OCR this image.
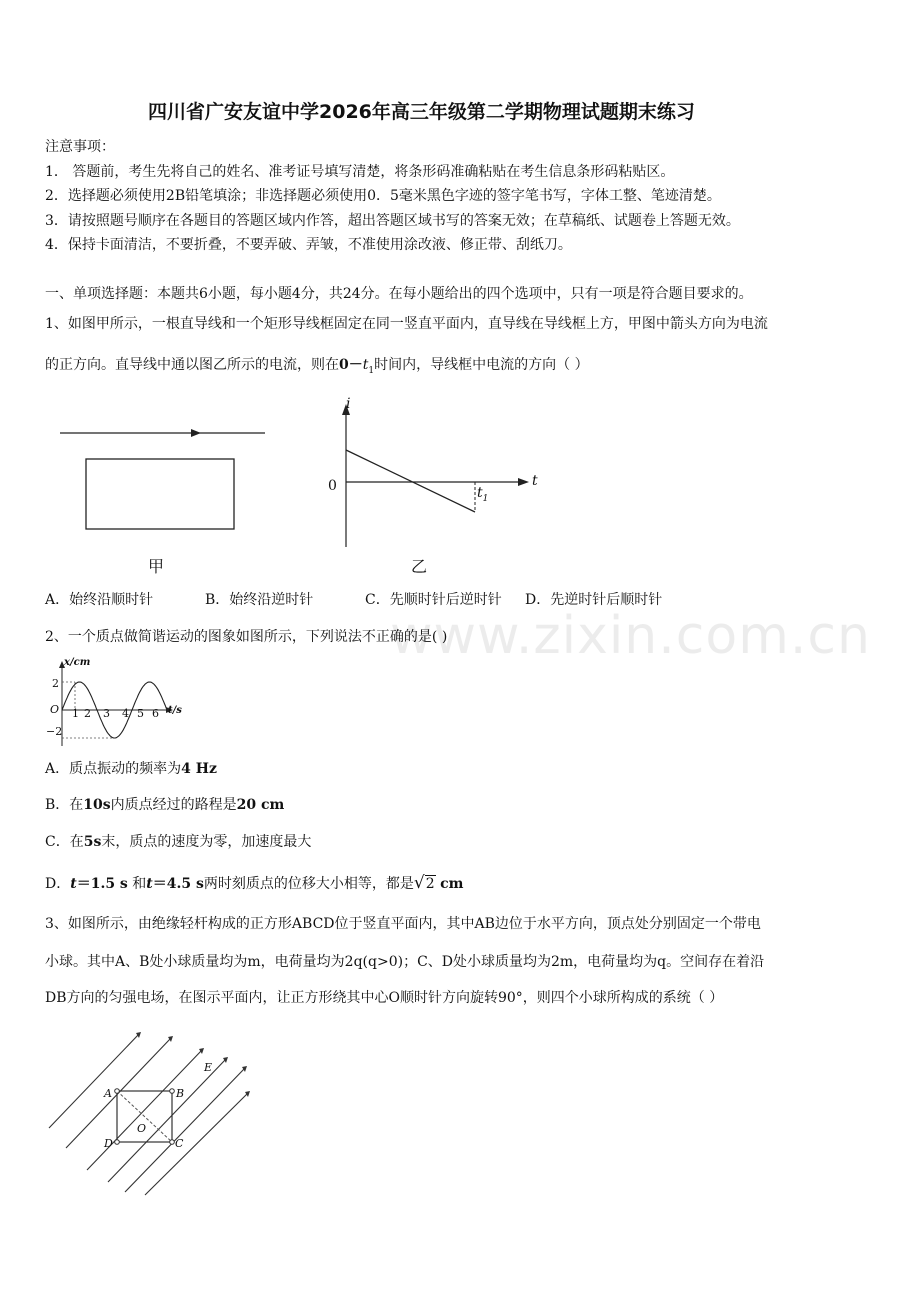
www.zixin.com.cn
四川省广安友谊中学2026年高三年级第二学期物理试题期末练习
注意事项：
1． 答题前，考生先将自己的姓名、准考证号填写清楚，将条形码准确粘贴在考生信息条形码粘贴区。
2．选择题必须使用2B铅笔填涂；非选择题必须使用0．5毫米黑色字迹的签字笔书写，字体工整、笔迹清楚。
3．请按照题号顺序在各题目的答题区域内作答，超出答题区域书写的答案无效；在草稿纸、试题卷上答题无效。
4．保持卡面清洁，不要折叠，不要弄破、弄皱，不准使用涂改液、修正带、刮纸刀。
一、单项选择题：本题共6小题，每小题4分，共24分。在每小题给出的四个选项中，只有一项是符合题目要求的。
1、如图甲所示，一根直导线和一个矩形导线框固定在同一竖直平面内，直导线在导线框上方，甲图中箭头方向为电流
的正方向。直导线中通以图乙所示的电流，则在$0-t_1$时间内，导线框中电流的方向（ ）
甲
i
t
0	$t_1$
乙
A．始终沿顺时针	B．始终沿逆时针	C．先顺时针后逆时针 D．先逆时针后顺时针
2、一个质点做简谐运动的图象如图所示，下列说法不正确的是( )
x/cm
t/s
2
O
−2
1 2 3 4 5 6
A．质点振动的频率为4 Hz
B．在10s内质点经过的路程是20 cm
C．在5s末，质点的速度为零，加速度最大
D．t＝1.5 s 和t＝4.5 s两时刻质点的位移大小相等，都是√2 cm
3、如图所示，由绝缘轻杆构成的正方形ABCD位于竖直平面内，其中AB边位于水平方向，顶点处分别固定一个带电
小球。其中A、B处小球质量均为m，电荷量均为2q(q>0)；C、D处小球质量均为2m，电荷量均为q。空间存在着沿
DB方向的匀强电场，在图示平面内，让正方形绕其中心O顺时针方向旋转90°，则四个小球所构成的系统（ ）
A	B
C
D
O
E
